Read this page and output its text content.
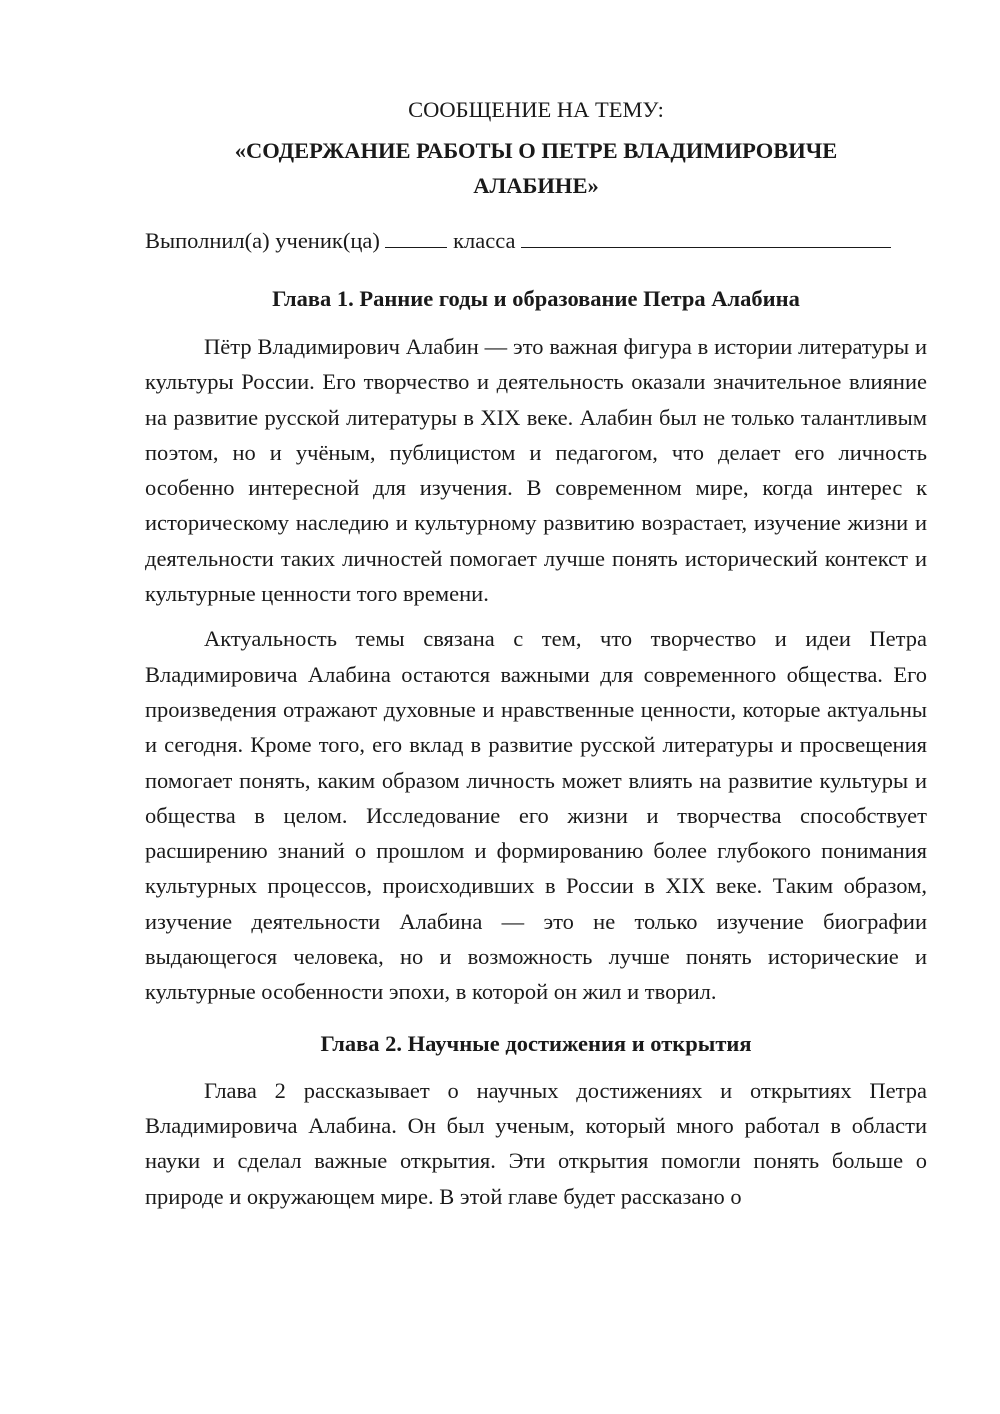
СООБЩЕНИЕ НА ТЕМУ:

«СОДЕРЖАНИЕ РАБОТЫ О ПЕТРЕ ВЛАДИМИРОВИЧЕ
АЛАБИНЕ»

Выполнил(а) ученик(ца)	класса

Глава 1. Ранние годы и образование Петра Алабина

Пётр Владимирович Алабин — это важная фигура в истории литературы и культуры России. Его творчество и деятельность оказали значительное влияние на развитие русской литературы в XIX веке. Алабин был не только талантливым поэтом, но и учёным, публицистом и педагогом, что делает его личность особенно интересной для изучения. В современном мире, когда интерес к историческому наследию и культурному развитию возрастает, изучение жизни и деятельности таких личностей помогает лучше понять исторический контекст и культурные ценности того времени.

Актуальность темы связана с тем, что творчество и идеи Петра Владимировича Алабина остаются важными для современного общества. Его произведения отражают духовные и нравственные ценности, которые актуальны и сегодня. Кроме того, его вклад в развитие русской литературы и просвещения помогает понять, каким образом личность может влиять на развитие культуры и общества в целом. Исследование его жизни и творчества способствует расширению знаний о прошлом и формированию более глубокого понимания культурных процессов, происходивших в России в XIX веке. Таким образом, изучение деятельности Алабина — это не только изучение биографии выдающегося человека, но и возможность лучше понять исторические и культурные особенности эпохи, в которой он жил и творил.

Глава 2. Научные достижения и открытия

Глава 2 рассказывает о научных достижениях и открытиях Петра Владимировича Алабина. Он был ученым, который много работал в области науки и сделал важные открытия. Эти открытия помогли понять больше о природе и окружающем мире. В этой главе будет рассказано о
